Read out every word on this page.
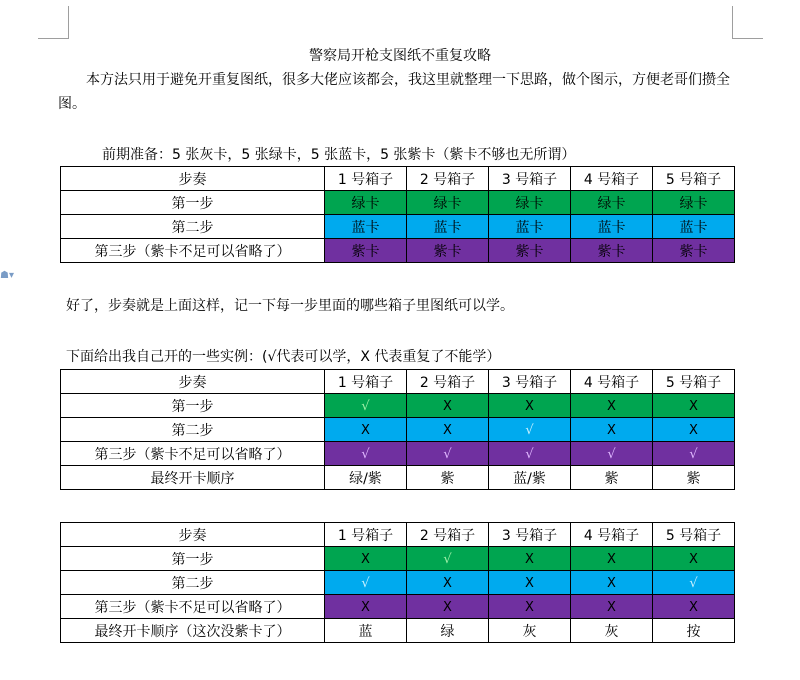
☗▾
警察局开枪支图纸不重复攻略
本方法只用于避免开重复图纸，很多大佬应该都会，我这里就整理一下思路，做个图示，方便老哥们攒全图。
前期准备：5 张灰卡，5 张绿卡，5 张蓝卡，5 张紫卡（紫卡不够也无所谓）
步奏	1 号箱子	2 号箱子	3 号箱子	4 号箱子	5 号箱子
第一步	绿卡	绿卡	绿卡	绿卡	绿卡
第二步	蓝卡	蓝卡	蓝卡	蓝卡	蓝卡
第三步（紫卡不足可以省略了）	紫卡	紫卡	紫卡	紫卡	紫卡
好了，步奏就是上面这样，记一下每一步里面的哪些箱子里图纸可以学。
下面给出我自己开的一些实例：(√代表可以学，X 代表重复了不能学）
步奏	1 号箱子	2 号箱子	3 号箱子	4 号箱子	5 号箱子
第一步	√	X	X	X	X
第二步	X	X	√	X	X
第三步（紫卡不足可以省略了）	√	√	√	√	√
最终开卡顺序	绿/紫	紫	蓝/紫	紫	紫
步奏	1 号箱子	2 号箱子	3 号箱子	4 号箱子	5 号箱子
第一步	X	√	X	X	X
第二步	√	X	X	X	√
第三步（紫卡不足可以省略了）	X	X	X	X	X
最终开卡顺序（这次没紫卡了）	蓝	绿	灰	灰	按
